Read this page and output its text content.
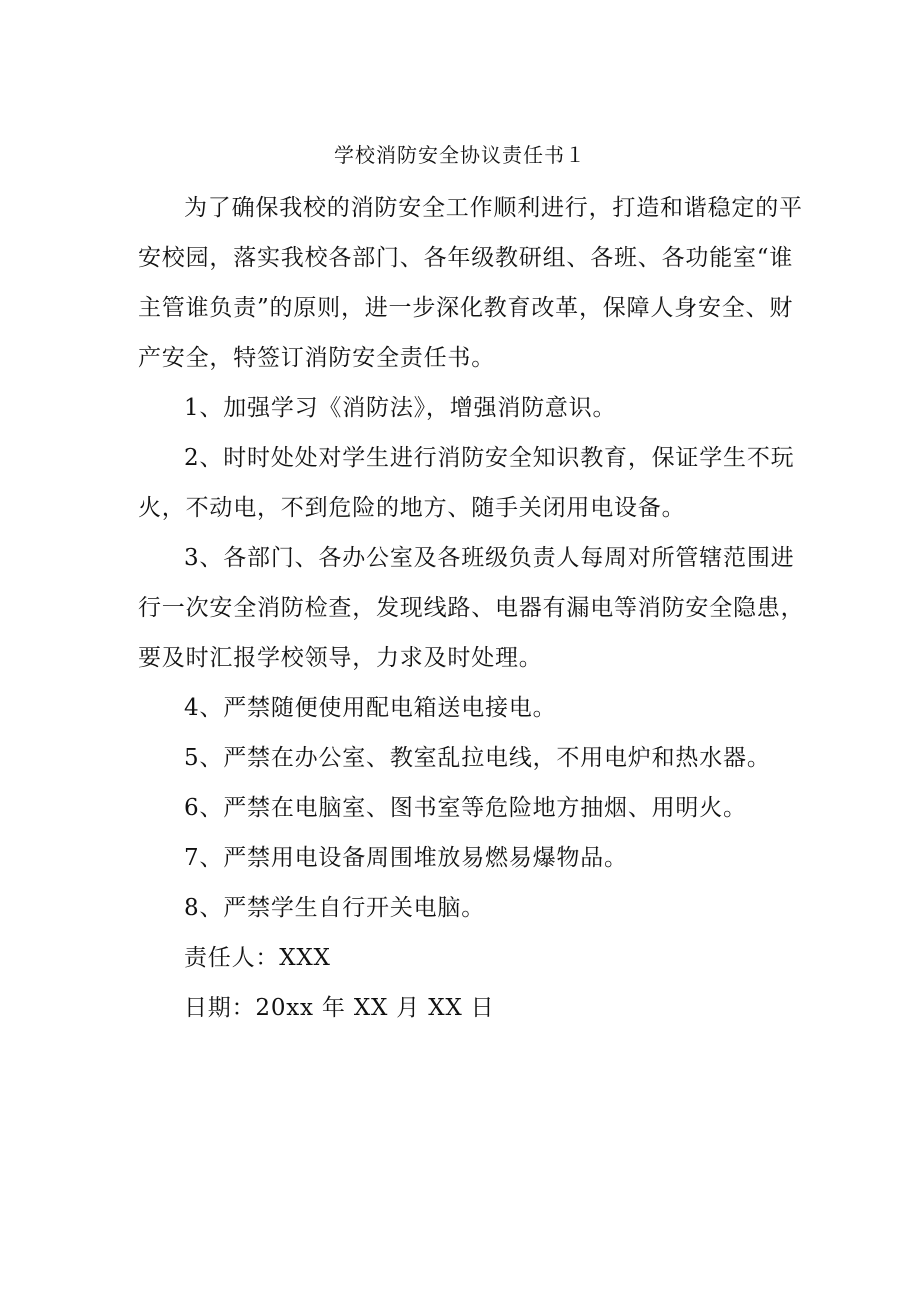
学校消防安全协议责任书１
为了确保我校的消防安全工作顺利进行，打造和谐稳定的平
安校园，落实我校各部门、各年级教研组、各班、各功能室“谁
主管谁负责”的原则，进一步深化教育改革，保障人身安全、财
产安全，特签订消防安全责任书。
1、加强学习《消防法》，增强消防意识。
2、时时处处对学生进行消防安全知识教育，保证学生不玩
火，不动电，不到危险的地方、随手关闭用电设备。
3、各部门、各办公室及各班级负责人每周对所管辖范围进
行一次安全消防检查，发现线路、电器有漏电等消防安全隐患，
要及时汇报学校领导，力求及时处理。
4、严禁随便使用配电箱送电接电。
5、严禁在办公室、教室乱拉电线，不用电炉和热水器。
6、严禁在电脑室、图书室等危险地方抽烟、用明火。
7、严禁用电设备周围堆放易燃易爆物品。
8、严禁学生自行开关电脑。
责任人：XXX
日期：20xx 年 XX 月 XX 日
